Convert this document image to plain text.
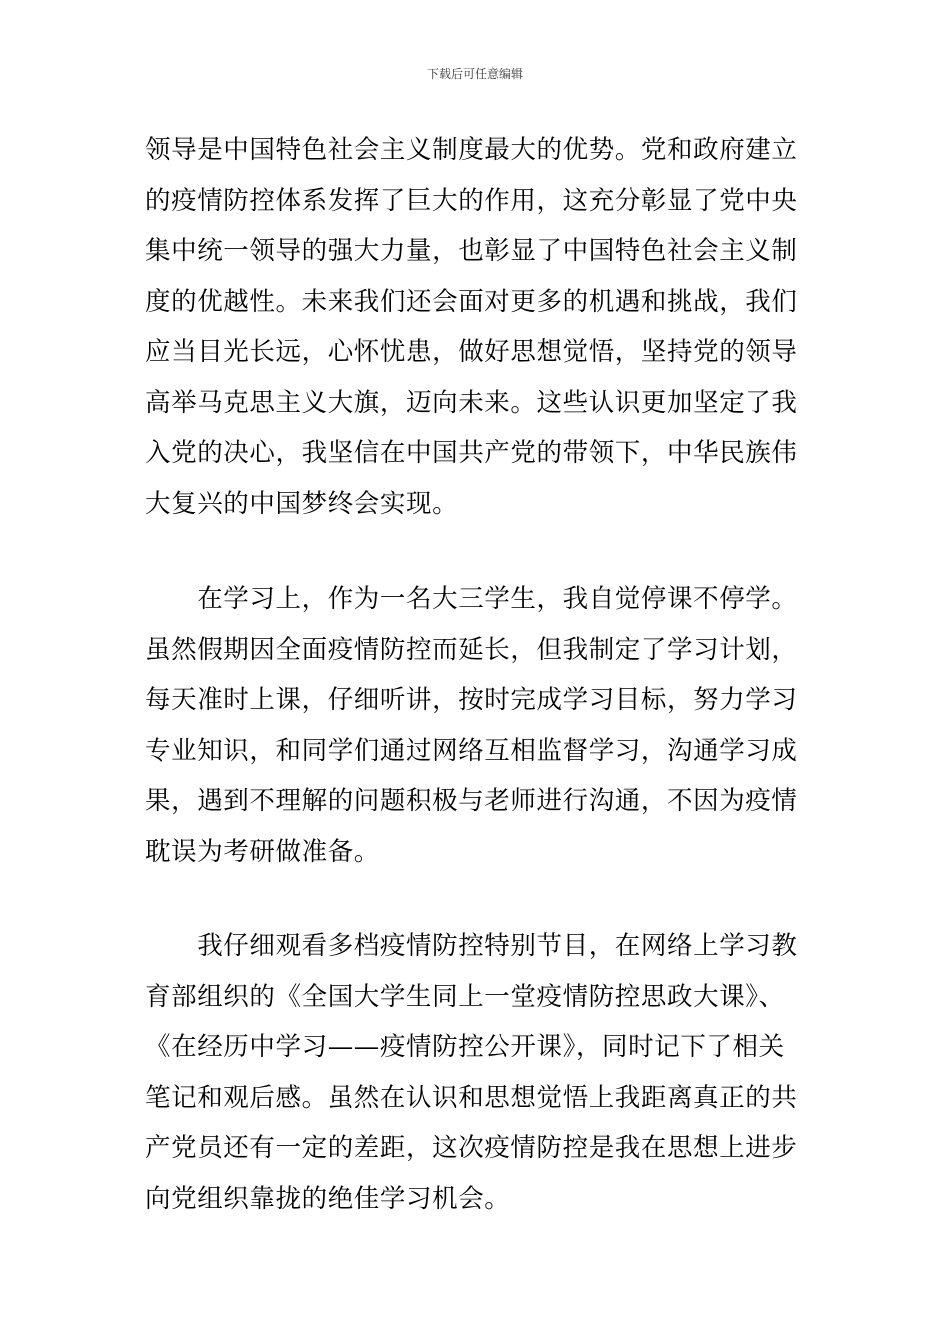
下载后可任意编辑
领导是中国特色社会主义制度最大的优势。党和政府建立
的疫情防控体系发挥了巨大的作用，这充分彰显了党中央
集中统一领导的强大力量，也彰显了中国特色社会主义制
度的优越性。未来我们还会面对更多的机遇和挑战，我们
应当目光长远，心怀忧患，做好思想觉悟，坚持党的领导
高举马克思主义大旗，迈向未来。这些认识更加坚定了我
入党的决心，我坚信在中国共产党的带领下，中华民族伟
大复兴的中国梦终会实现。
　　在学习上，作为一名大三学生，我自觉停课不停学。
虽然假期因全面疫情防控而延长，但我制定了学习计划，
每天准时上课，仔细听讲，按时完成学习目标，努力学习
专业知识，和同学们通过网络互相监督学习，沟通学习成
果，遇到不理解的问题积极与老师进行沟通，不因为疫情
耽误为考研做准备。
　　我仔细观看多档疫情防控特别节目，在网络上学习教
育部组织的《全国大学生同上一堂疫情防控思政大课》、
《在经历中学习——疫情防控公开课》，同时记下了相关
笔记和观后感。虽然在认识和思想觉悟上我距离真正的共
产党员还有一定的差距，这次疫情防控是我在思想上进步
向党组织靠拢的绝佳学习机会。
